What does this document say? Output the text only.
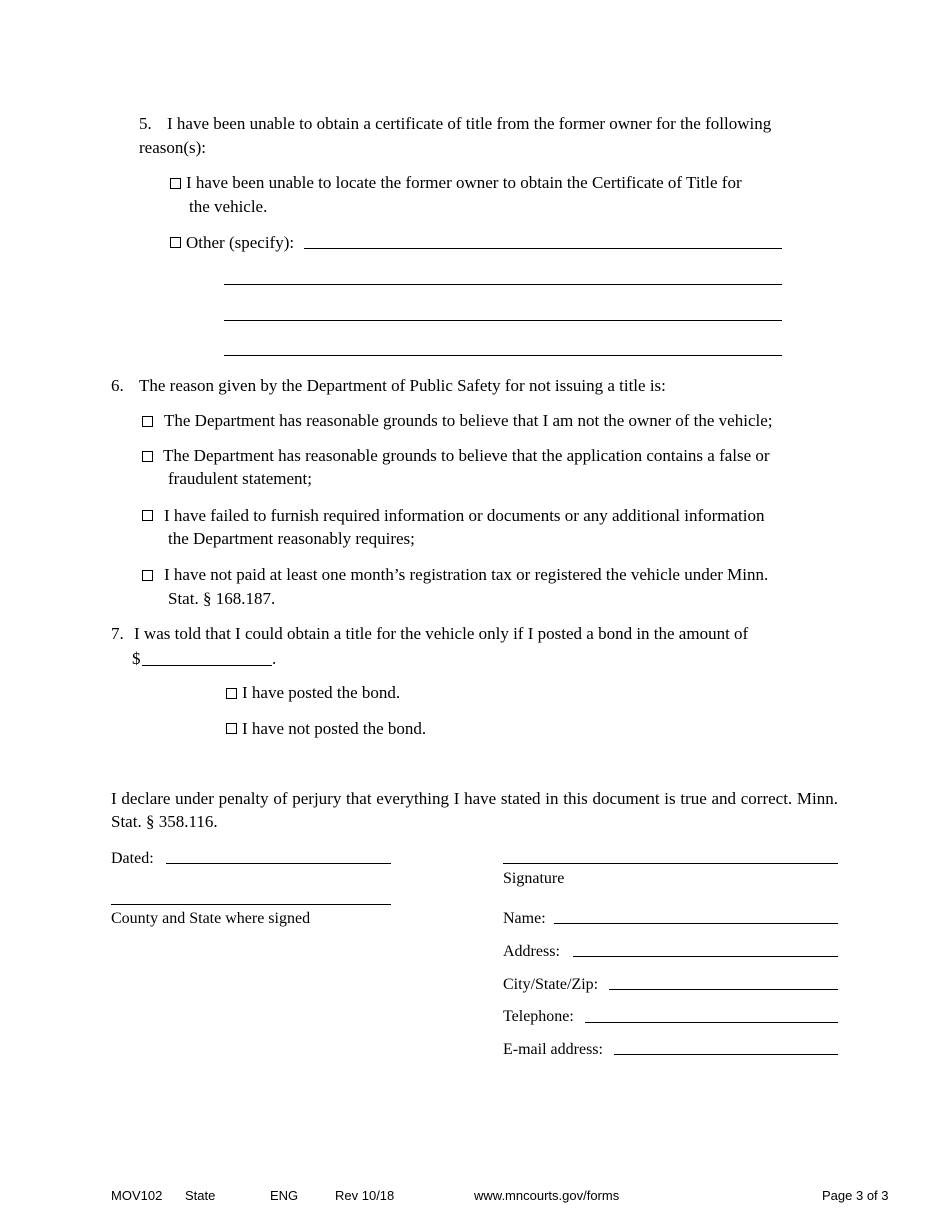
5. I have been unable to obtain a certificate of title from the former owner for the following
reason(s):
I have been unable to locate the former owner to obtain the Certificate of Title for
the vehicle.
Other (specify):
6. The reason given by the Department of Public Safety for not issuing a title is:
The Department has reasonable grounds to believe that I am not the owner of the vehicle;
The Department has reasonable grounds to believe that the application contains a false or
fraudulent statement;
I have failed to furnish required information or documents or any additional information
the Department reasonably requires;
I have not paid at least one month’s registration tax or registered the vehicle under Minn.
Stat. § 168.187.
7. I was told that I could obtain a title for the vehicle only if I posted a bond in the amount of
$	.
I have posted the bond.
I have not posted the bond.
I declare under penalty of perjury that everything I have stated in this document is true and correct. Minn. Stat. § 358.116.
Dated:
County and State where signed
Signature
Name:
Address:
City/State/Zip:
Telephone:
E-mail address:
MOV102 State	ENG	Rev 10/18	www.mncourts.gov/forms	Page 3 of 3
